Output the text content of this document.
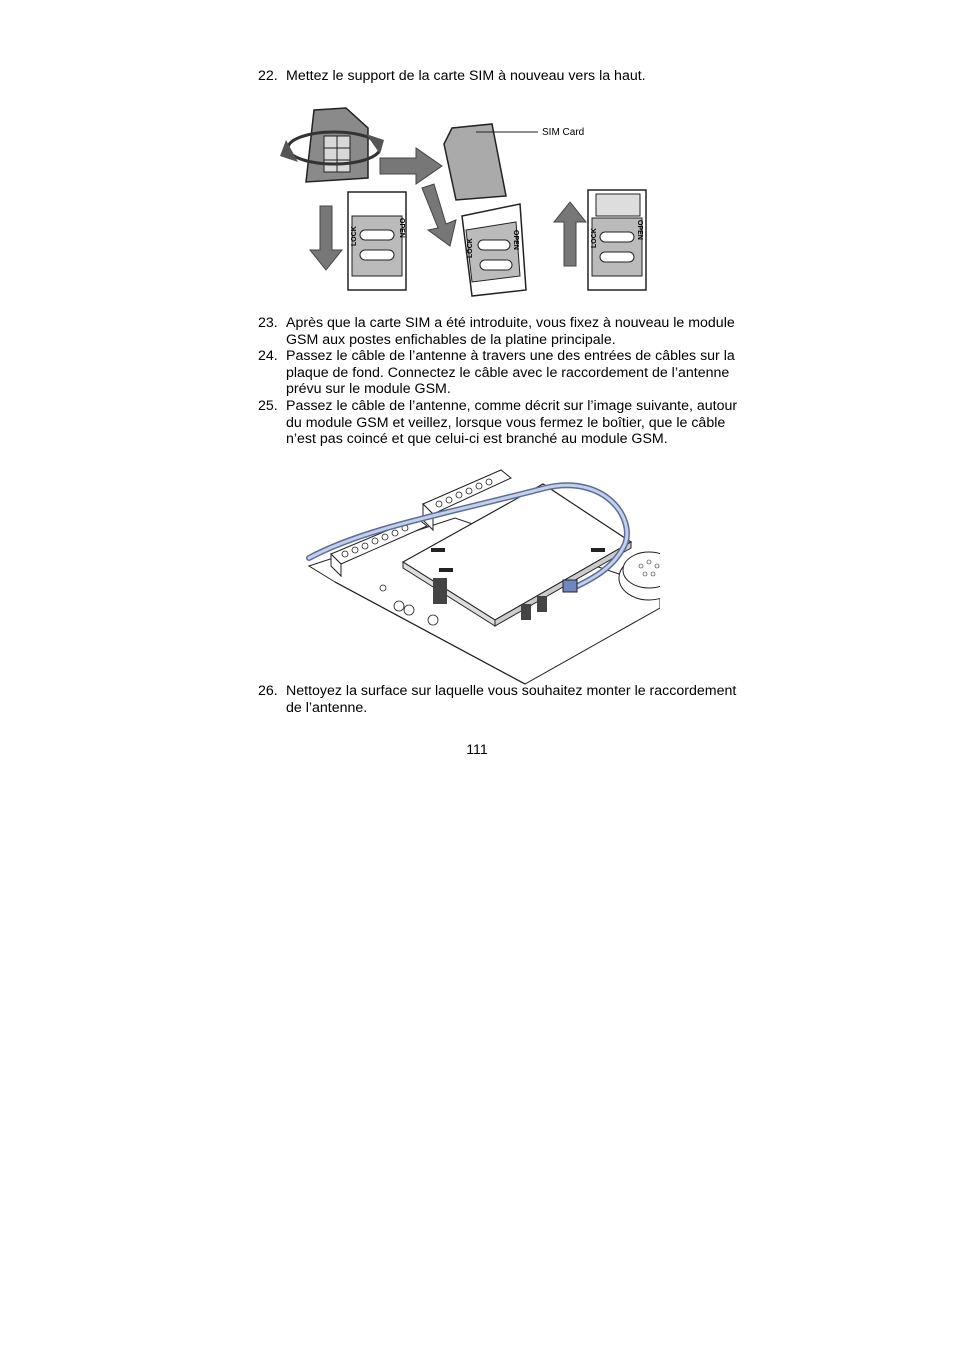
22. Mettez le support de la carte SIM à nouveau vers la haut.
LOCK	OPEN
SIM Card
LOCK	OPEN	LOCK	OPEN
23. Après que la carte SIM a été introduite, vous fixez à nouveau le module GSM aux postes enfichables de la platine principale.
24. Passez le câble de l’antenne à travers une des entrées de câbles sur la plaque de fond. Connectez le câble avec le raccordement de l’antenne prévu sur le module GSM.
25. Passez le câble de l’antenne, comme décrit sur l’image suivante, autour du module GSM et veillez, lorsque vous fermez le boîtier, que le câble n’est pas coincé et que celui-ci est branché au module GSM.
26. Nettoyez la surface sur laquelle vous souhaitez monter le raccordement de l’antenne.
111
